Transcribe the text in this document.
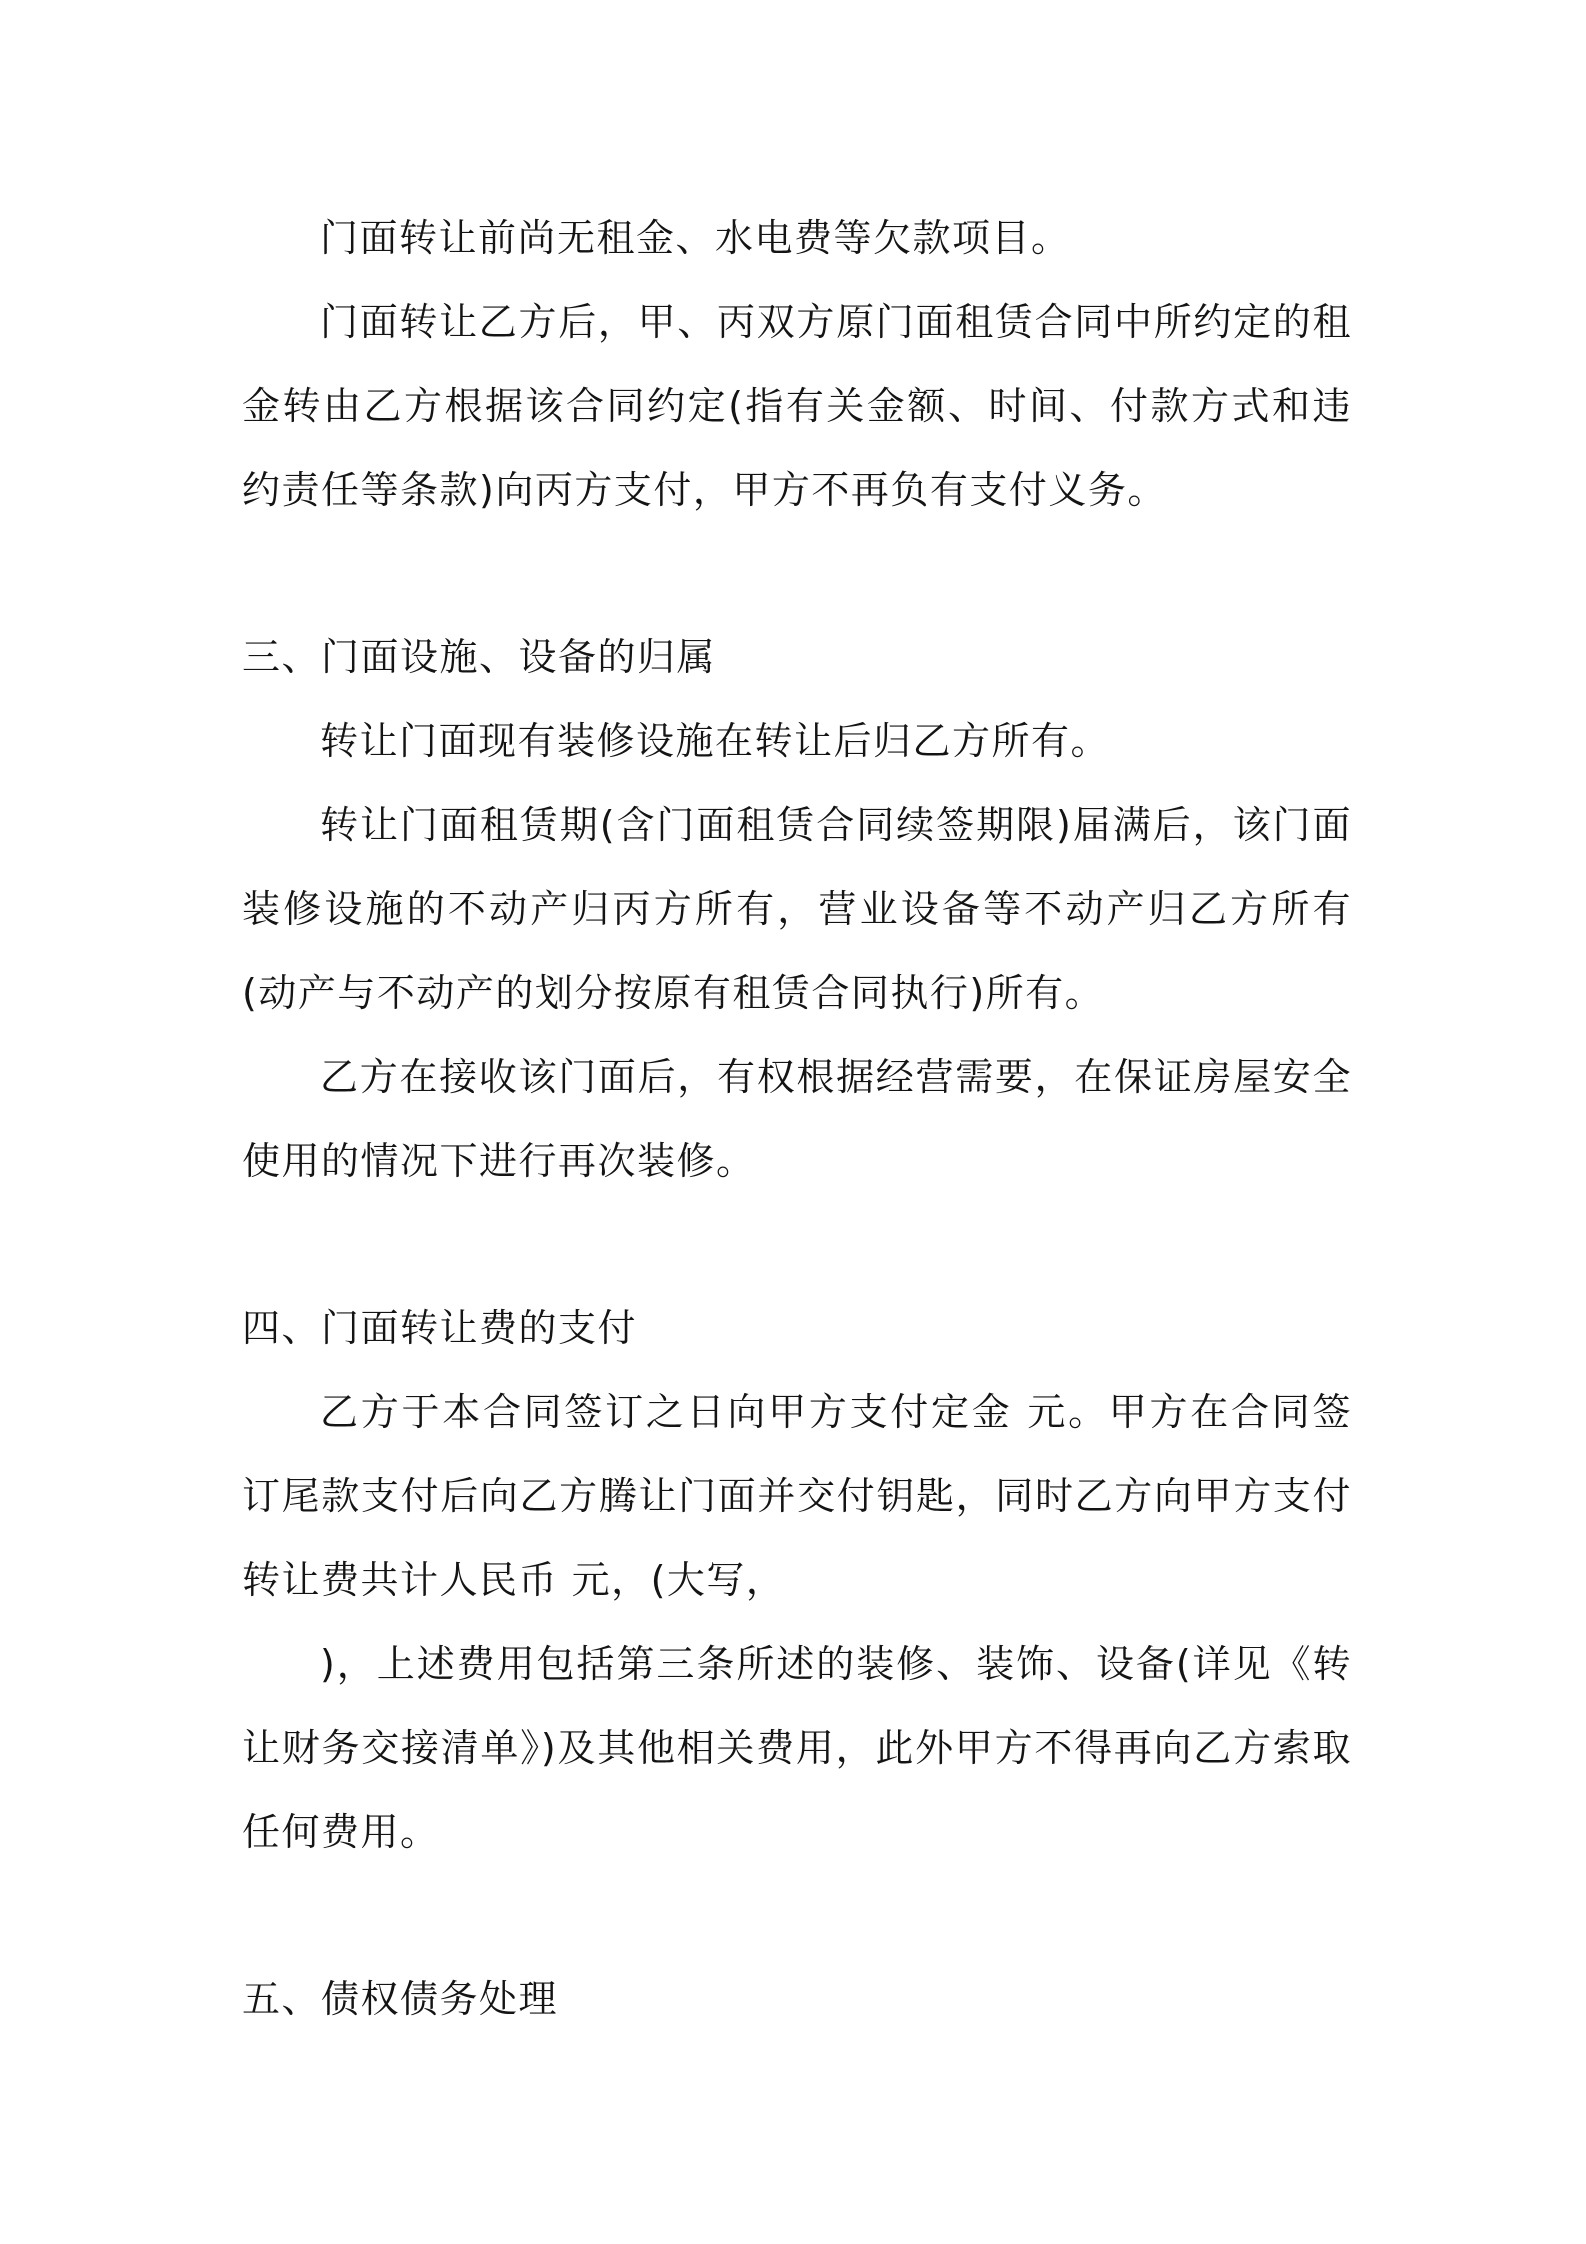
门面转让前尚无租金、水电费等欠款项目。

门面转让乙方后，甲、丙双方原门面租赁合同中所约定的租金转由乙方根据该合同约定(指有关金额、时间、付款方式和违约责任等条款)向丙方支付，甲方不再负有支付义务。

三、门面设施、设备的归属

转让门面现有装修设施在转让后归乙方所有。

转让门面租赁期(含门面租赁合同续签期限)届满后，该门面装修设施的不动产归丙方所有，营业设备等不动产归乙方所有(动产与不动产的划分按原有租赁合同执行)所有。

乙方在接收该门面后，有权根据经营需要，在保证房屋安全使用的情况下进行再次装修。

四、门面转让费的支付

乙方于本合同签订之日向甲方支付定金 元。甲方在合同签订尾款支付后向乙方腾让门面并交付钥匙，同时乙方向甲方支付转让费共计人民币 元，(大写，

)，上述费用包括第三条所述的装修、装饰、设备(详见《转让财务交接清单》)及其他相关费用，此外甲方不得再向乙方索取任何费用。

五、债权债务处理
